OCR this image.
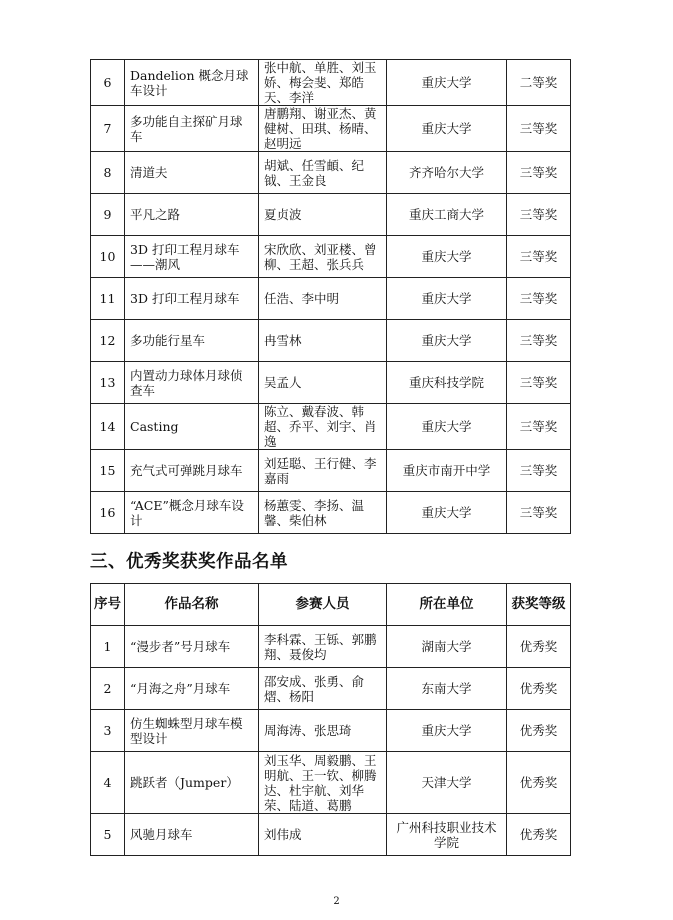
6	Dandelion 概念月球车设计	张中航、单胜、刘玉娇、梅会斐、郑皓天、李洋	重庆大学	二等奖
7	多功能自主探矿月球车	唐鹏翔、谢亚杰、黄健树、田琪、杨晴、赵明远	重庆大学	三等奖
8	清道夫	胡斌、任雪頔、纪钺、王金良	齐齐哈尔大学	三等奖
9	平凡之路	夏贞波	重庆工商大学	三等奖
10	3D 打印工程月球车——潮风	宋欣欣、刘亚楼、曾柳、王超、张兵兵	重庆大学	三等奖
11	3D 打印工程月球车	任浩、李中明	重庆大学	三等奖
12	多功能行星车	冉雪林	重庆大学	三等奖
13	内置动力球体月球侦查车	吴孟人	重庆科技学院	三等奖
14	Casting	陈立、戴春波、韩超、乔平、刘宇、肖逸	重庆大学	三等奖
15	充气式可弹跳月球车	刘廷聪、王行健、李嘉雨	重庆市南开中学	三等奖
16	“ACE”概念月球车设计	杨蕙雯、李扬、温馨、柴伯林	重庆大学	三等奖
三、优秀奖获奖作品名单
序号	作品名称	参赛人员	所在单位	获奖等级
1	“漫步者”号月球车	李科霖、王铄、郭鹏翔、聂俊均	湖南大学	优秀奖
2	“月海之舟”月球车	邵安成、张勇、俞熠、杨阳	东南大学	优秀奖
3	仿生蜘蛛型月球车模型设计	周海涛、张思琦	重庆大学	优秀奖
4	跳跃者（Jumper）	刘玉华、周毅鹏、王明航、王一钦、柳腾达、杜宇航、刘华荣、陆道、葛鹏	天津大学	优秀奖
5	风驰月球车	刘伟成	广州科技职业技术学院	优秀奖
2
